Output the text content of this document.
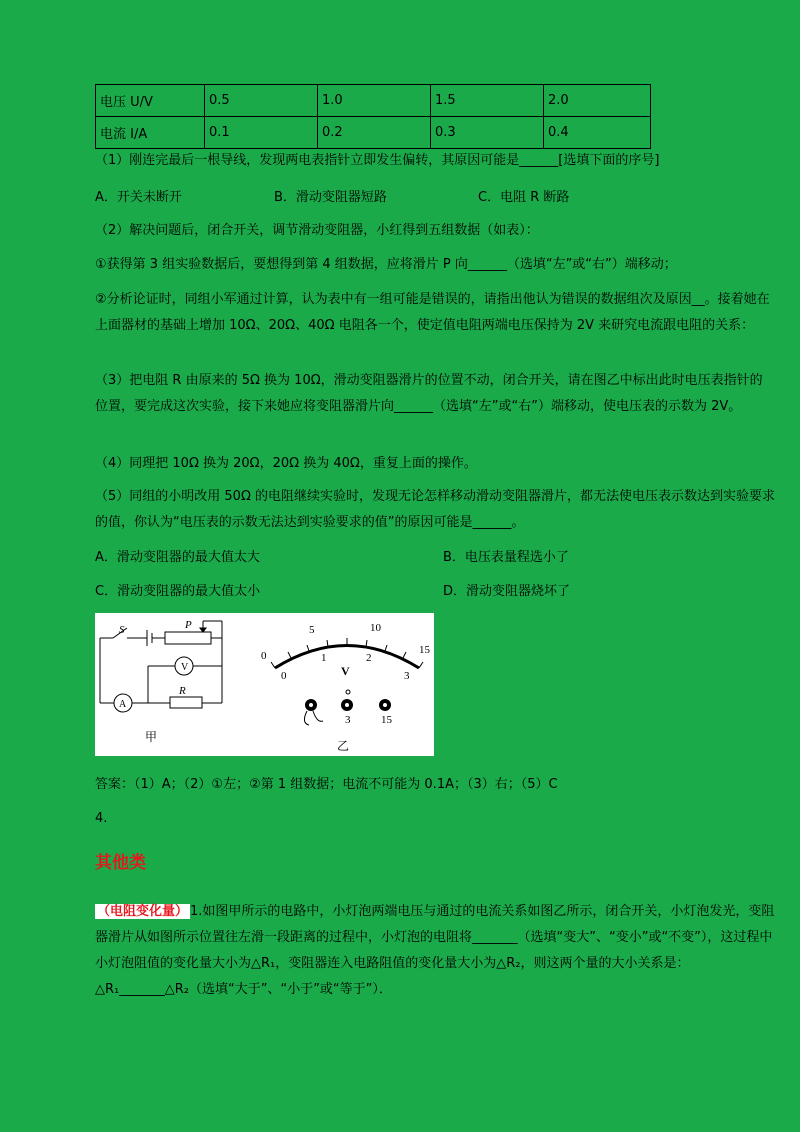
电压 U/V	0.5	1.0	1.5	2.0
电流 I/A	0.1	0.2	0.3	0.4
（1）刚连完最后一根导线，发现两电表指针立即发生偏转，其原因可能是______[选填下面的序号]
A．开关未断开	B．滑动变阻器短路	C．电阻 R 断路
（2）解决问题后，闭合开关，调节滑动变阻器，小红得到五组数据（如表）：
①获得第 3 组实验数据后，要想得到第 4 组数据，应将滑片 P 向______（选填“左”或“右”）端移动；
②分析论证时，同组小军通过计算，认为表中有一组可能是错误的，请指出他认为错误的数据组次及原因__。接着她在上面器材的基础上增加 10Ω、20Ω、40Ω 电阻各一个，使定值电阻两端电压保持为 2V 来研究电流跟电阻的关系：
（3）把电阻 R 由原来的 5Ω 换为 10Ω，滑动变阻器滑片的位置不动，闭合开关，请在图乙中标出此时电压表指针的位置，要完成这次实验，接下来她应将变阻器滑片向______（选填“左”或“右”）端移动，使电压表的示数为 2V。
（4）同理把 10Ω 换为 20Ω，20Ω 换为 40Ω，重复上面的操作。
（5）同组的小明改用 50Ω 的电阻继续实验时，发现无论怎样移动滑动变阻器滑片，都无法使电压表示数达到实验要求的值，你认为“电压表的示数无法达到实验要求的值”的原因可能是______。
A．滑动变阻器的最大值太大	B．电压表量程选小了
C．滑动变阻器的最大值太小	D．滑动变阻器烧坏了
S	P
V
A
R
甲
0
5	10
15
0
1	2
3
V
3	15
乙
答案：（1）A；（2）①左；②第 1 组数据；电流不可能为 0.1A；（3）右；（5）C
4.
其他类
（电阻变化量） 1.如图甲所示的电路中，小灯泡两端电压与通过的电流关系如图乙所示，闭合开关，小灯泡发光，变阻器滑片从如图所示位置往左滑一段距离的过程中，小灯泡的电阻将_______（选填“变大”、“变小”或“不变”），这过程中小灯泡阻值的变化量大小为△R₁，变阻器连入电路阻值的变化量大小为△R₂，则这两个量的大小关系是：△R₁_______△R₂（选填“大于”、“小于”或“等于”）．
